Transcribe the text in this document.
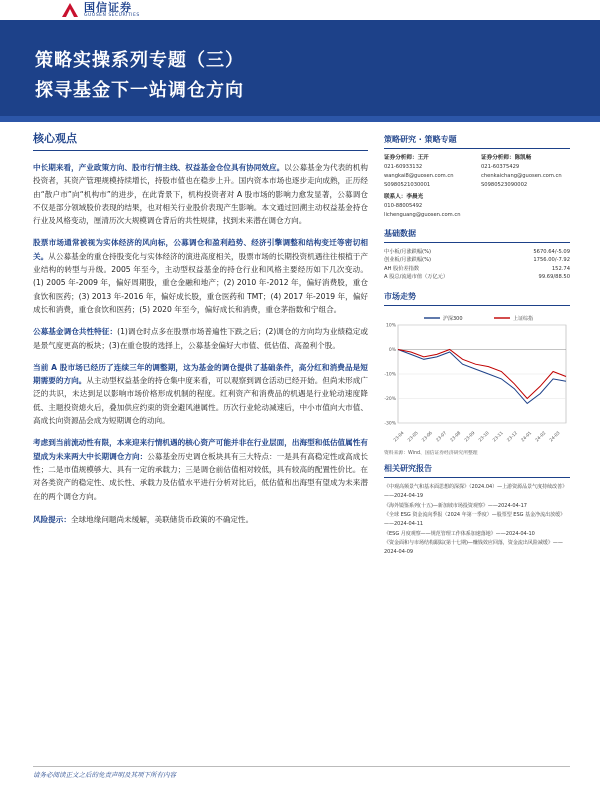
国信证券
GUOSEN SECURITIES
策略实操系列专题（三）
探寻基金下一站调仓方向
核心观点

中长期来看，产业政策方向、股市行情主线、权益基金仓位具有协同效应。以公募基金为代表的机构投资者，其资产管理规模持续增长，持股市值也在稳步上升。国内资本市场也逐步走向成熟，正历经由“散户市”向“机构市”的进步，在此背景下，机构投资者对 A 股市场的影响力愈发显著，公募调仓不仅是部分领域股价表现的结果，也对相关行业股价表现产生影响。本文通过回溯主动权益基金持仓行业及风格变动，厘清历次大规模调仓背后的共性规律，找到未来潜在调仓方向。

股票市场通常被视为实体经济的风向标，公募调仓和盈利趋势、经济引擎调整和结构变迁等密切相关。从公募基金的重仓持股变化与实体经济的演进高度相关，股票市场的长期投资机遇往往根植于产业结构的转型与升级。2005 年至今，主动型权益基金的持仓行业和风格主要经历如下几次变动。(1) 2005 年-2009 年，偏好周期股，重仓金融和地产；(2) 2010 年-2012 年，偏好消费股，重仓食饮和医药；(3) 2013 年-2016 年，偏好成长股，重仓医药和 TMT；(4) 2017 年-2019 年，偏好成长和消费，重仓食饮和医药；(5) 2020 年至今，偏好成长和消费，重仓茅指数和宁组合。

公募基金调仓共性特征：(1)调仓时点多在股票市场普遍性下跌之后；(2)调仓的方向均为业绩稳定或是景气度更高的板块；(3)在重仓股的选择上，公募基金偏好大市值、低估值、高盈利个股。

当前 A 股市场已经历了连续三年的调整期，这为基金的调仓提供了基础条件，高分红和消费品是短期需要的方向。从主动型权益基金的持仓集中度来看，可以观察到调仓活动已经开始。但尚未形成广泛的共识，未达到足以影响市场价格形成机制的程度。红利资产和消费品的机遇是行业轮动速度降低、主题投资熄火后，叠加供应约束的资金避风港属性。历次行业轮动减速后，中小市值向大市值、高成长向资源品会成为短期调仓的动向。

考虑到当前流动性有限，本来迎来行情机遇的核心资产可能并非在行业层面，出海型和低估值属性有望成为未来两大中长期调仓方向：公募基金历史调仓板块具有三大特点：一是具有高稳定性或高成长性；二是市值规模够大、具有一定的承载力；三是调仓前估值相对较低，具有较高的配置性价比。在对各类资产的稳定性、成长性、承载力及估值水平进行分析对比后，低估值和出海型有望成为未来潜在的两个调仓方向。

风险提示：全球地缘问题尚未缓解，美联储货币政策的不确定性。

策略研究 · 策略专题
证券分析师：王开
021-60933132
wangkai8@guosen.com.cn
S0980521030001
证券分析师：陈凯畅
021-60375429
chenkaichang@guosen.com.cn
S0980523090002
联系人：李晨光
010-88005492
lichenguang@guosen.com.cn
基础数据
中小板/月涨跌幅(%)	5670.64/-5.09
创业板/月涨跌幅(%)	1756.00/-7.92
AH 股价差指数	152.74
A 股总/流通市值（万亿元）	99.69/88.50
市场走势
10%
0%
-10%
-20%
-30%
23-04 23-05 23-06 23-07 23-08 23-09 23-10 23-11 23-12 24-01 24-02 24-03
沪深300	上证综指
资料来源：Wind、国信证券经济研究所整理
相关研究报告
《中观高频景气和基本面思想的深探》（2024.04）—上游资源品景气度持续改善》——2024-04-19
《海外镜鉴系列(十五)—新加坡市场投资观察》——2024-04-17
《全球 ESG 资金流向季报（2024 年第一季度）—股票型 ESG 基金净流出放缓》——2024-04-11
《ESG 月度观察——规范管理工作体系加速落地》——2024-04-10
《资金面和与市场结构跟踪(第十七期)—赚钱效应回落，资金流出风险减缓》——2024-04-09
请务必阅读正文之后的免责声明及其项下所有内容
